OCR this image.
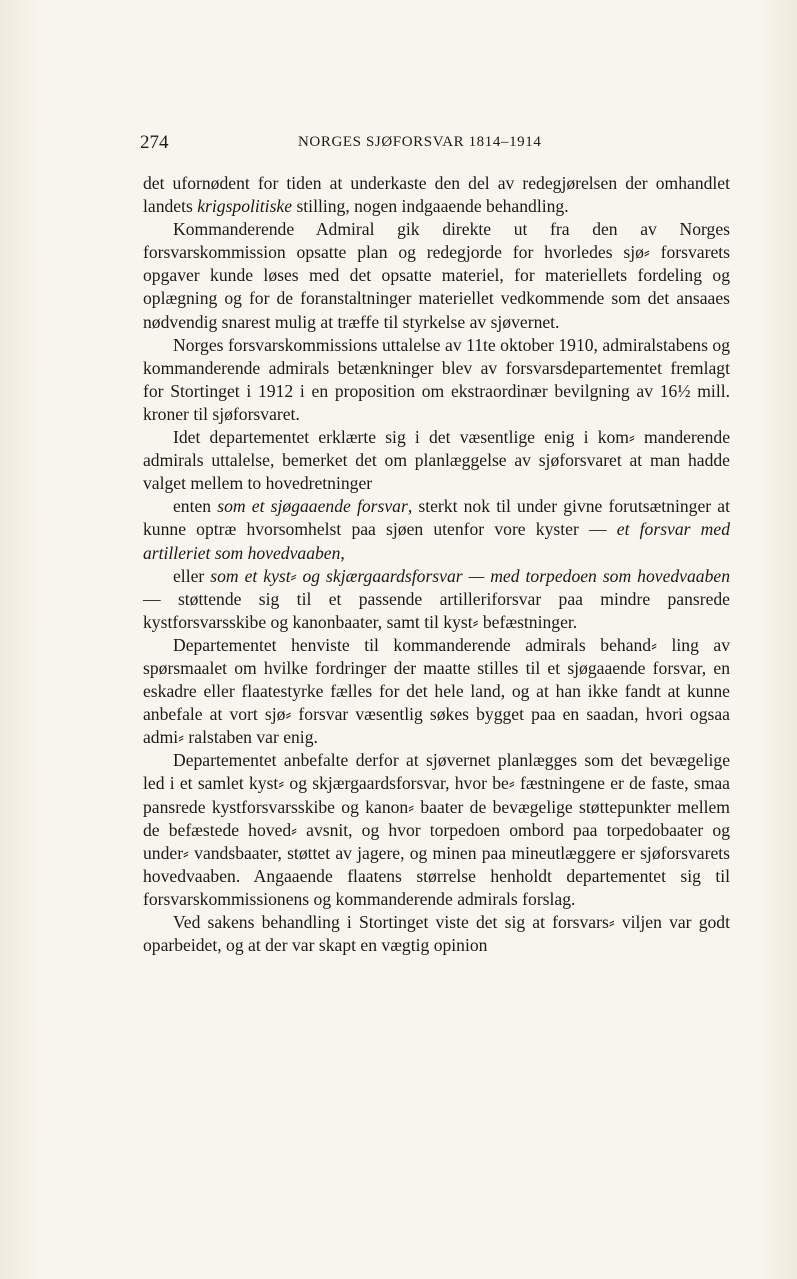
274	NORGES SJØFORSVAR 1814–1914

det ufornødent for tiden at underkaste den del av redegjørelsen der omhandlet landets krigspolitiske stilling, nogen indgaaende behandling.

Kommanderende Admiral gik direkte ut fra den av Norges forsvarskommission opsatte plan og redegjorde for hvorledes sjø⸗ forsvarets opgaver kunde løses med det opsatte materiel, for materiellets fordeling og oplægning og for de foranstaltninger materiellet vedkommende som det ansaaes nødvendig snarest mulig at træffe til styrkelse av sjøvernet.

Norges forsvarskommissions uttalelse av 11te oktober 1910, admiralstabens og kommanderende admirals betænkninger blev av forsvarsdepartementet fremlagt for Stortinget i 1912 i en proposition om ekstraordinær bevilgning av 16½ mill. kroner til sjøforsvaret.

Idet departementet erklærte sig i det væsentlige enig i kom⸗ manderende admirals uttalelse, bemerket det om planlæggelse av sjøforsvaret at man hadde valget mellem to hovedretninger

enten som et sjøgaaende forsvar, sterkt nok til under givne forutsætninger at kunne optræ hvorsomhelst paa sjøen utenfor vore kyster — et forsvar med artilleriet som hovedvaaben,

eller som et kyst⸗ og skjærgaardsforsvar — med torpedoen som hovedvaaben — støttende sig til et passende artilleriforsvar paa mindre pansrede kystforsvarsskibe og kanonbaater, samt til kyst⸗ befæstninger.

Departementet henviste til kommanderende admirals behand⸗ ling av spørsmaalet om hvilke fordringer der maatte stilles til et sjøgaaende forsvar, en eskadre eller flaatestyrke fælles for det hele land, og at han ikke fandt at kunne anbefale at vort sjø⸗ forsvar væsentlig søkes bygget paa en saadan, hvori ogsaa admi⸗ ralstaben var enig.

Departementet anbefalte derfor at sjøvernet planlægges som det bevægelige led i et samlet kyst⸗ og skjærgaardsforsvar, hvor be⸗ fæstningene er de faste, smaa pansrede kystforsvarsskibe og kanon⸗ baater de bevægelige støttepunkter mellem de befæstede hoved⸗ avsnit, og hvor torpedoen ombord paa torpedobaater og under⸗ vandsbaater, støttet av jagere, og minen paa mineutlæggere er sjøforsvarets hovedvaaben. Angaaende flaatens størrelse henholdt departementet sig til forsvarskommissionens og kommanderende admirals forslag.

Ved sakens behandling i Stortinget viste det sig at forsvars⸗ viljen var godt oparbeidet, og at der var skapt en vægtig opinion
